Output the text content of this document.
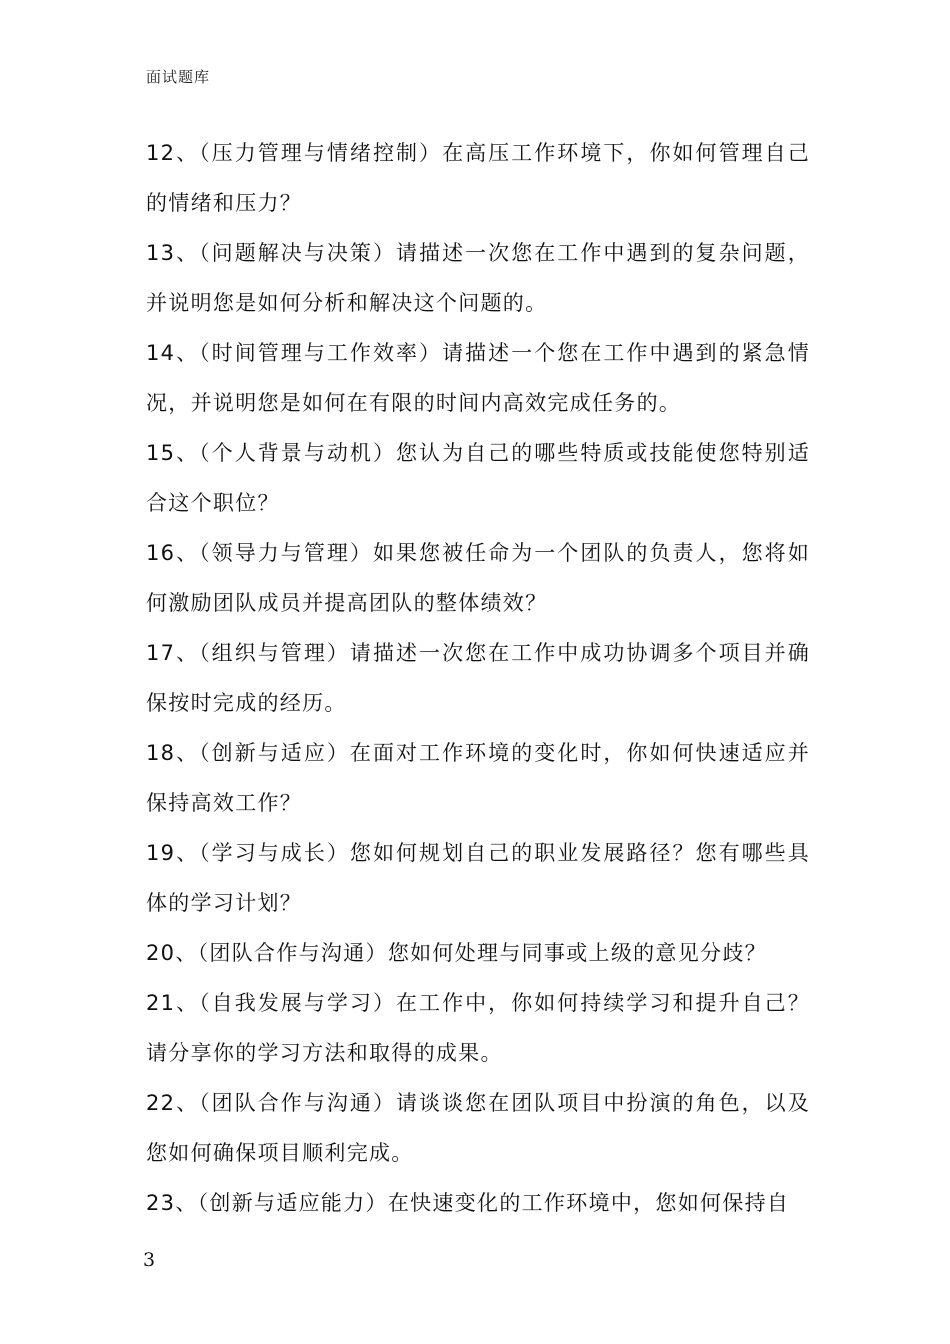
面试题库

12、（压力管理与情绪控制）在高压工作环境下，你如何管理自己的情绪和压力？

13、（问题解决与决策）请描述一次您在工作中遇到的复杂问题，并说明您是如何分析和解决这个问题的。

14、（时间管理与工作效率）请描述一个您在工作中遇到的紧急情况，并说明您是如何在有限的时间内高效完成任务的。

15、（个人背景与动机）您认为自己的哪些特质或技能使您特别适合这个职位？

16、（领导力与管理）如果您被任命为一个团队的负责人，您将如何激励团队成员并提高团队的整体绩效？

17、（组织与管理）请描述一次您在工作中成功协调多个项目并确保按时完成的经历。

18、（创新与适应）在面对工作环境的变化时，你如何快速适应并保持高效工作？

19、（学习与成长）您如何规划自己的职业发展路径？您有哪些具体的学习计划？

20、（团队合作与沟通）您如何处理与同事或上级的意见分歧？

21、（自我发展与学习）在工作中，你如何持续学习和提升自己？请分享你的学习方法和取得的成果。

22、（团队合作与沟通）请谈谈您在团队项目中扮演的角色，以及您如何确保项目顺利完成。

23、（创新与适应能力）在快速变化的工作环境中，您如何保持自

3
